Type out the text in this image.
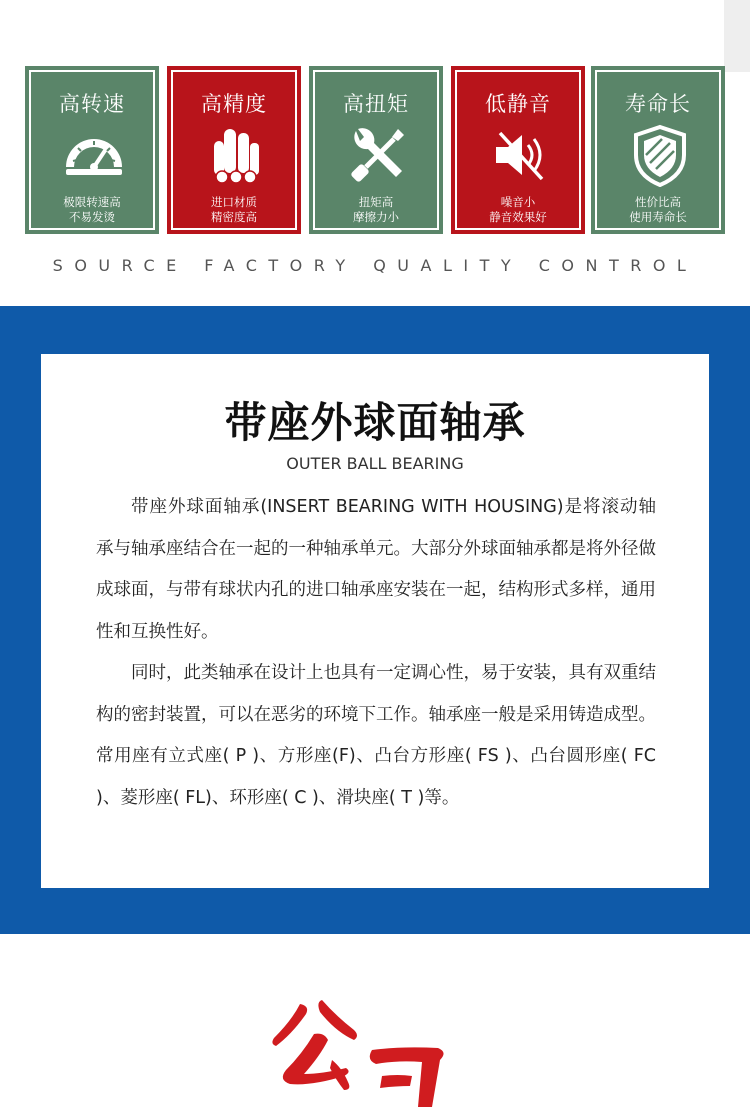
高转速
极限转速高
不易发烫
高精度
进口材质
精密度高
高扭矩
扭矩高
摩擦力小
低静音
噪音小
静音效果好
寿命长
性价比高
使用寿命长
SOURCE FACTORY QUALITY CONTROL
带座外球面轴承
OUTER BALL BEARING

带座外球面轴承(INSERT BEARING WITH HOUSING)是将滚动轴承与轴承座结合在一起的一种轴承单元。大部分外球面轴承都是将外径做成球面，与带有球状内孔的进口轴承座安装在一起，结构形式多样，通用性和互换性好。

同时，此类轴承在设计上也具有一定调心性，易于安装，具有双重结构的密封装置，可以在恶劣的环境下工作。轴承座一般是采用铸造成型。常用座有立式座( P )、方形座(F)、凸台方形座( FS )、凸台圆形座( FC )、菱形座( FL)、环形座( C )、滑块座( T )等。
